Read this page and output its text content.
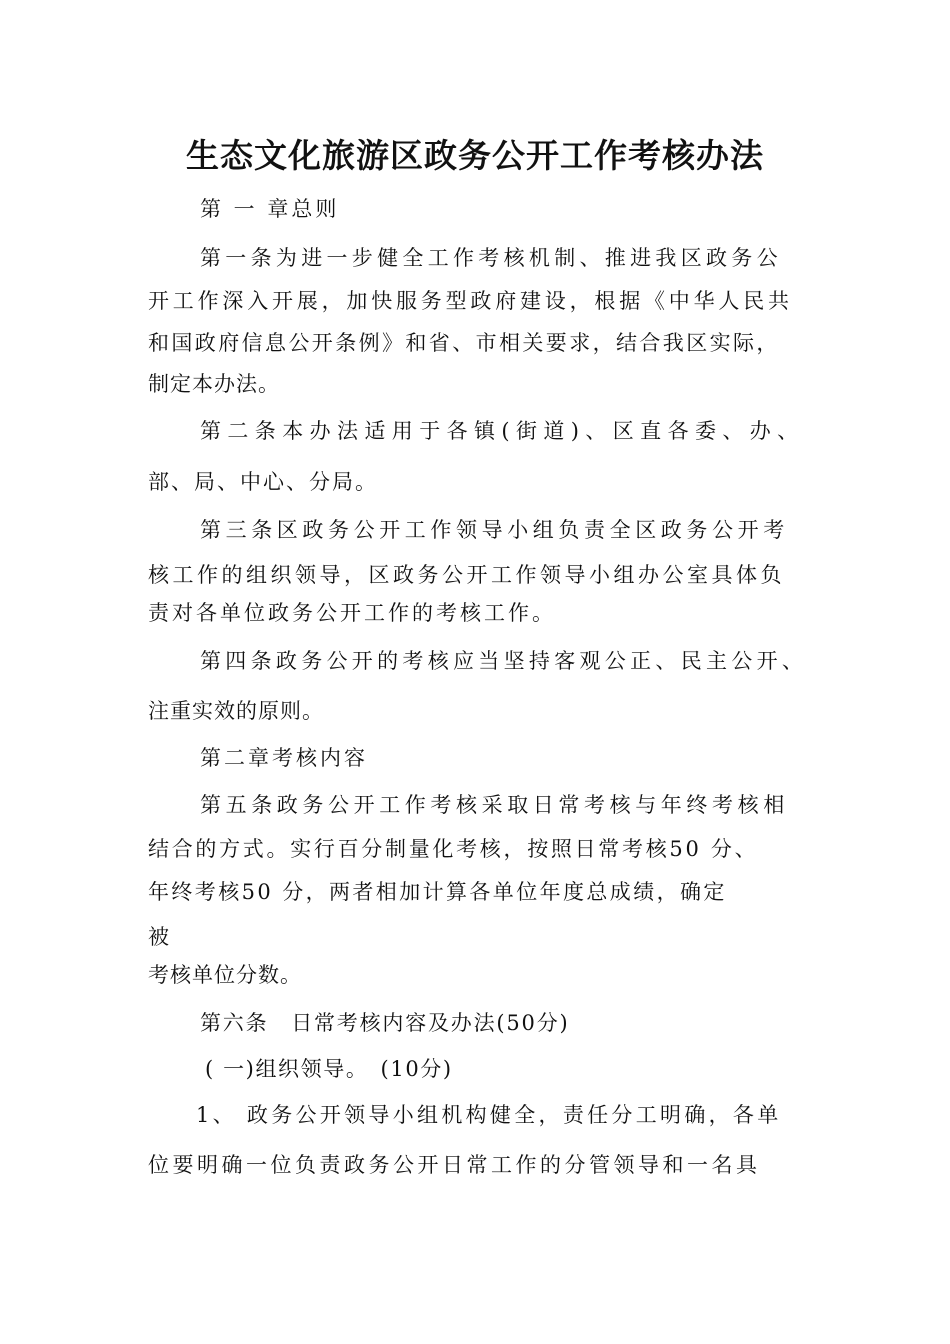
生态文化旅游区政务公开工作考核办法
第 一 章总则
第一条为进一步健全工作考核机制、推进我区政务公
开工作深入开展，加快服务型政府建设，根据《中华人民共
和国政府信息公开条例》和省、市相关要求，结合我区实际，
制定本办法。
第二条本办法适用于各镇(街道)、区直各委、办、
部、局、中心、分局。
第三条区政务公开工作领导小组负责全区政务公开考
核工作的组织领导，区政务公开工作领导小组办公室具体负
责对各单位政务公开工作的考核工作。
第四条政务公开的考核应当坚持客观公正、民主公开、
注重实效的原则。
第二章考核内容
第五条政务公开工作考核采取日常考核与年终考核相
结合的方式。实行百分制量化考核，按照日常考核50 分、
年终考核50 分，两者相加计算各单位年度总成绩，确定
被
考核单位分数。
第六条　日常考核内容及办法(50分)
( 一)组织领导。　(10分)
1、 政务公开领导小组机构健全，责任分工明确，各单
位要明确一位负责政务公开日常工作的分管领导和一名具
